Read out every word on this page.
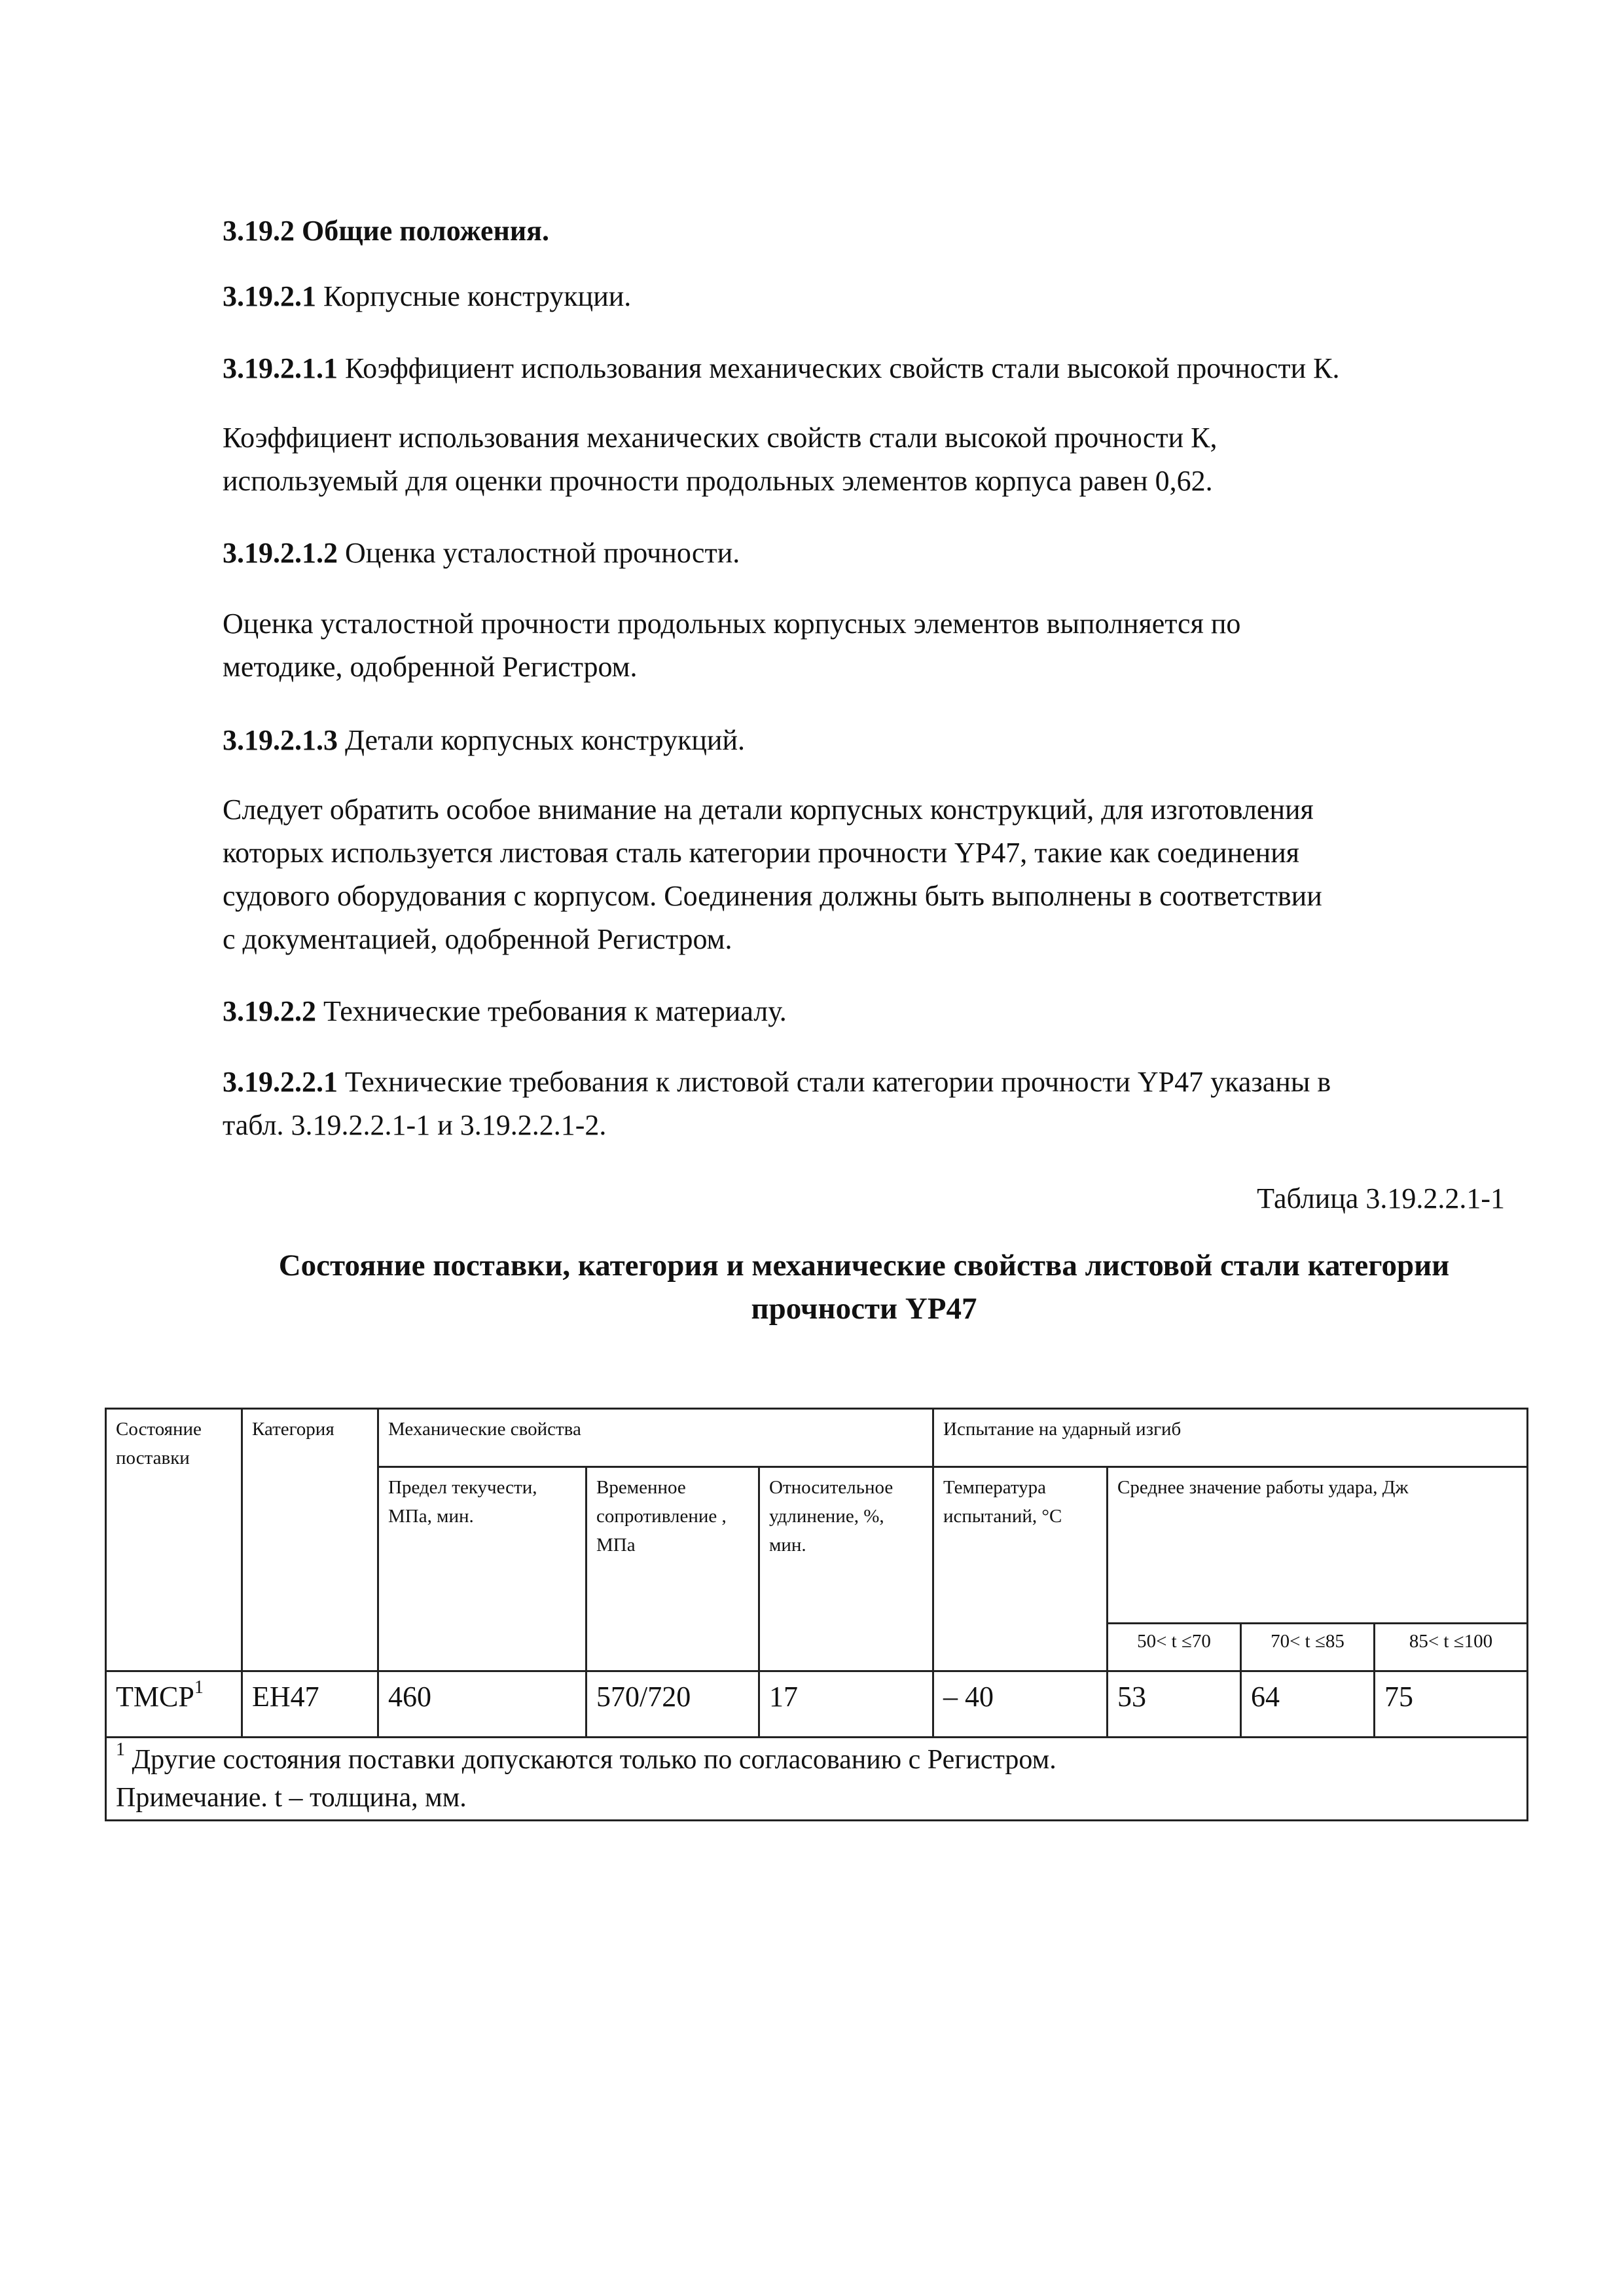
3.19.2 Общие положения.

3.19.2.1 Корпусные конструкции.

3.19.2.1.1 Коэффициент использования механических свойств стали высокой прочности К.

Коэффициент использования механических свойств стали высокой прочности К,
используемый для оценки прочности продольных элементов корпуса равен 0,62.

3.19.2.1.2 Оценка усталостной прочности.

Оценка усталостной прочности продольных корпусных элементов выполняется по
методике, одобренной Регистром.

3.19.2.1.3 Детали корпусных конструкций.

Следует обратить особое внимание на детали корпусных конструкций, для изготовления
которых используется листовая сталь категории прочности YP47, такие как соединения
судового оборудования с корпусом. Соединения должны быть выполнены в соответствии
с документацией, одобренной Регистром.

3.19.2.2 Технические требования к материалу.

3.19.2.2.1 Технические требования к листовой стали категории прочности YP47 указаны в
табл. 3.19.2.2.1-1 и 3.19.2.2.1-2.

Таблица 3.19.2.2.1-1

Состояние поставки, категория и механические свойства листовой стали категории
прочности YP47

Состояние поставки	Категория	Механические свойства			Испытание на ударный изгиб			
		Предел текучести, МПа, мин.	Временное сопротивление , МПа	Относительное удлинение, %, мин.	Температура испытаний, °С	Среднее значение работы удара, Дж		
						50< t ≤70	70< t ≤85	85< t ≤100
TMCP$^1$	EH47	460	570/720	17	– 40	53	64	75

$^1$ Другие состояния поставки допускаются только по согласованию с Регистром.
Примечание. t – толщина, мм.								
